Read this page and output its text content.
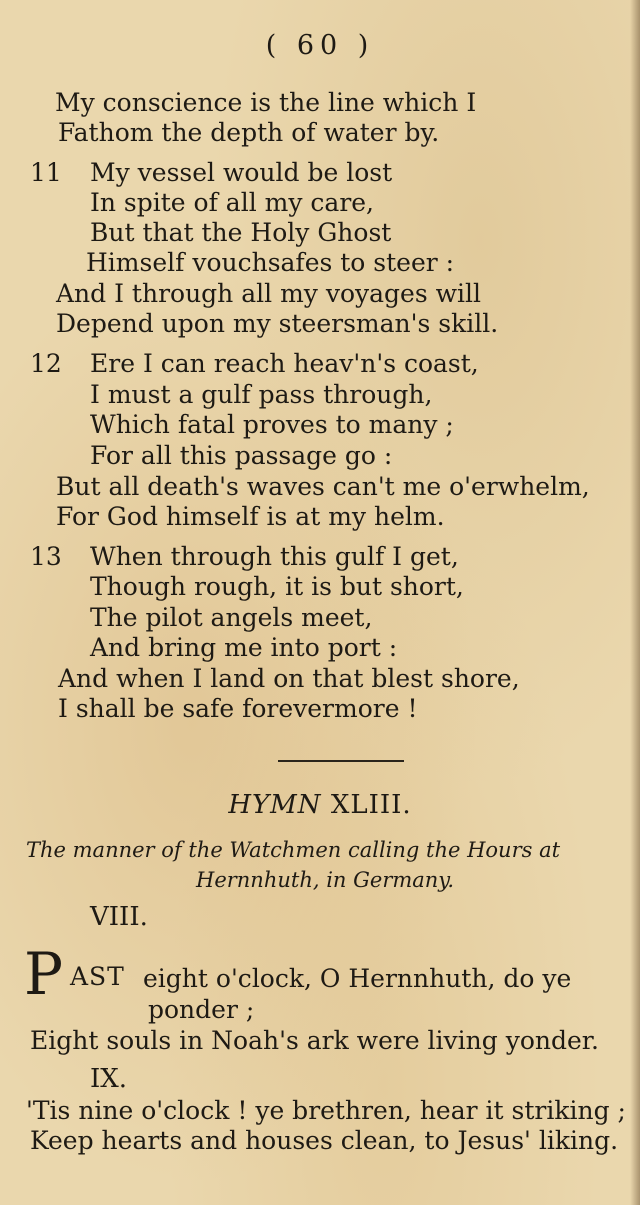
( 60 )
My conscience is the line which I
Fathom the depth of water by.
11 My vessel would be lost
In spite of all my care,
But that the Holy Ghost
Himself vouchsafes to steer :
And I through all my voyages will
Depend upon my steersman's skill.
12 Ere I can reach heav'n's coast,
I must a gulf pass through,
Which fatal proves to many ;
For all this passage go :
But all death's waves can't me o'erwhelm,
For God himself is at my helm.
13 When through this gulf I get,
Though rough, it is but short,
The pilot angels meet,
And bring me into port :
And when I land on that blest shore,
I shall be safe forevermore !
HYMN XLIII.
The manner of the Watchmen calling the Hours at
Hernnhuth, in Germany.
VIII.
P AST eight o'clock, O Hernnhuth, do ye
ponder ;
Eight souls in Noah's ark were living yonder.
IX.
'Tis nine o'clock ! ye brethren, hear it striking ;
Keep hearts and houses clean, to Jesus' liking.
